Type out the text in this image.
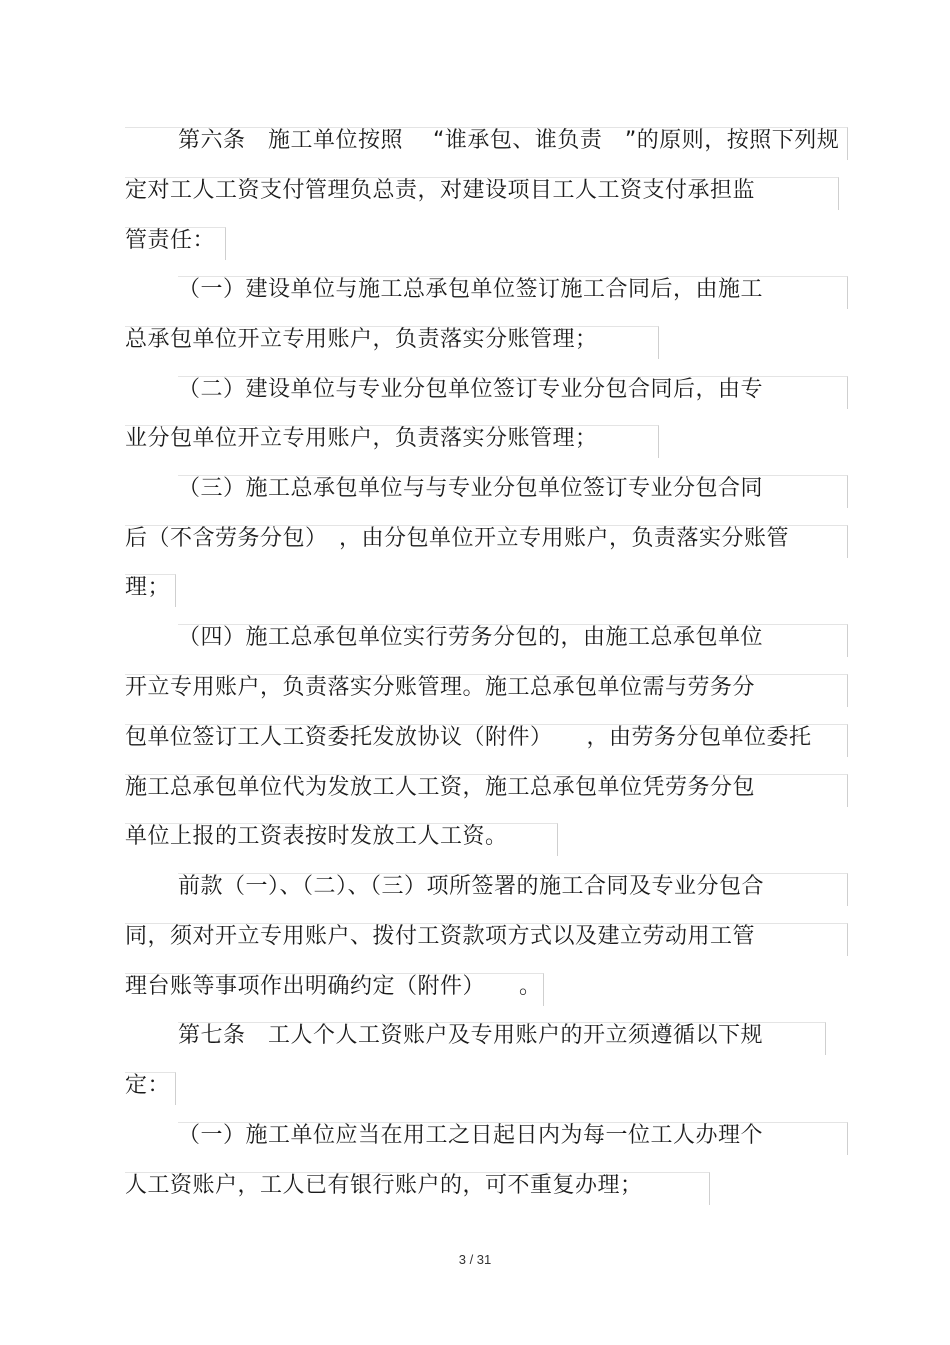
第六条　施工单位按照　 “谁承包、谁负责　”的原则，按照下列规
定对工人工资支付管理负总责，对建设项目工人工资支付承担监
管责任：
（一）建设单位与施工总承包单位签订施工合同后，由施工
总承包单位开立专用账户，负责落实分账管理；
（二）建设单位与专业分包单位签订专业分包合同后，由专
业分包单位开立专用账户，负责落实分账管理；
（三）施工总承包单位与与专业分包单位签订专业分包合同
后（不含劳务分包）　，由分包单位开立专用账户，负责落实分账管
理；
（四）施工总承包单位实行劳务分包的，由施工总承包单位
开立专用账户，负责落实分账管理。施工总承包单位需与劳务分
包单位签订工人工资委托发放协议（附件）　　，由劳务分包单位委托
施工总承包单位代为发放工人工资，施工总承包单位凭劳务分包
单位上报的工资表按时发放工人工资。
前款（一）、（二）、（三）项所签署的施工合同及专业分包合
同，须对开立专用账户、拨付工资款项方式以及建立劳动用工管
理台账等事项作出明确约定（附件）　　。
第七条　工人个人工资账户及专用账户的开立须遵循以下规
定：
（一）施工单位应当在用工之日起日内为每一位工人办理个
人工资账户，工人已有银行账户的，可不重复办理；
3 / 31
